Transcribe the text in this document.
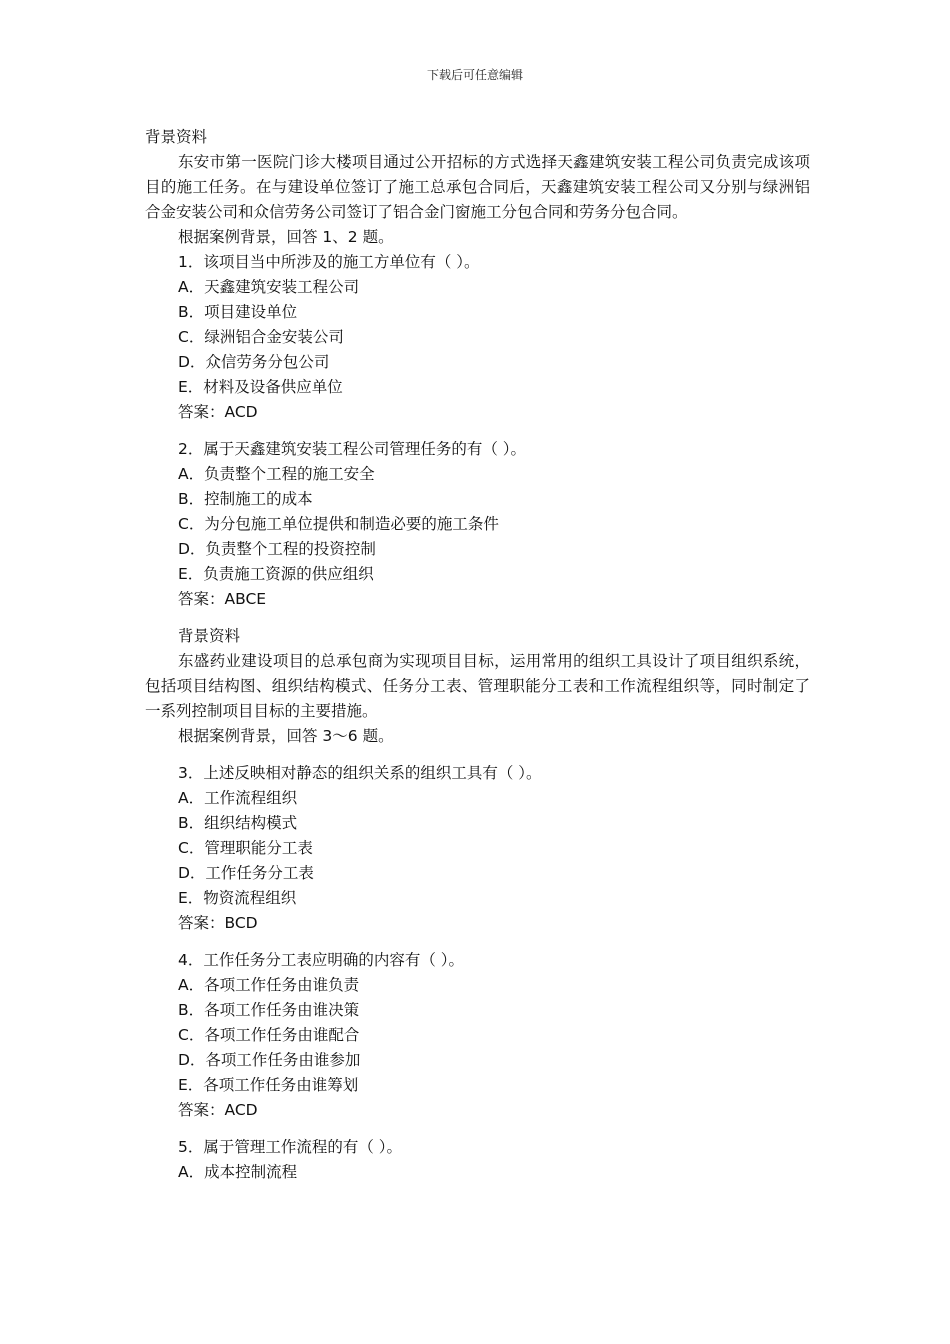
下载后可任意编辑

背景资料

东安市第一医院门诊大楼项目通过公开招标的方式选择天鑫建筑安装工程公司负责完成该项目的施工任务。在与建设单位签订了施工总承包合同后，天鑫建筑安装工程公司又分别与绿洲铝合金安装公司和众信劳务公司签订了铝合金门窗施工分包合同和劳务分包合同。

根据案例背景，回答 1、2 题。

1．该项目当中所涉及的施工方单位有（ ）。

A．天鑫建筑安装工程公司

B．项目建设单位

C．绿洲铝合金安装公司

D．众信劳务分包公司

E．材料及设备供应单位

答案：ACD

2．属于天鑫建筑安装工程公司管理任务的有（ ）。

A．负责整个工程的施工安全

B．控制施工的成本

C．为分包施工单位提供和制造必要的施工条件

D．负责整个工程的投资控制

E．负责施工资源的供应组织

答案：ABCE

背景资料

东盛药业建设项目的总承包商为实现项目目标，运用常用的组织工具设计了项目组织系统，包括项目结构图、组织结构模式、任务分工表、管理职能分工表和工作流程组织等，同时制定了一系列控制项目目标的主要措施。

根据案例背景，回答 3～6 题。

3．上述反映相对静态的组织关系的组织工具有（ ）。

A．工作流程组织

B．组织结构模式

C．管理职能分工表

D．工作任务分工表

E．物资流程组织

答案：BCD

4．工作任务分工表应明确的内容有（ ）。

A．各项工作任务由谁负责

B．各项工作任务由谁决策

C．各项工作任务由谁配合

D．各项工作任务由谁参加

E．各项工作任务由谁筹划

答案：ACD

5．属于管理工作流程的有（ ）。

A．成本控制流程
